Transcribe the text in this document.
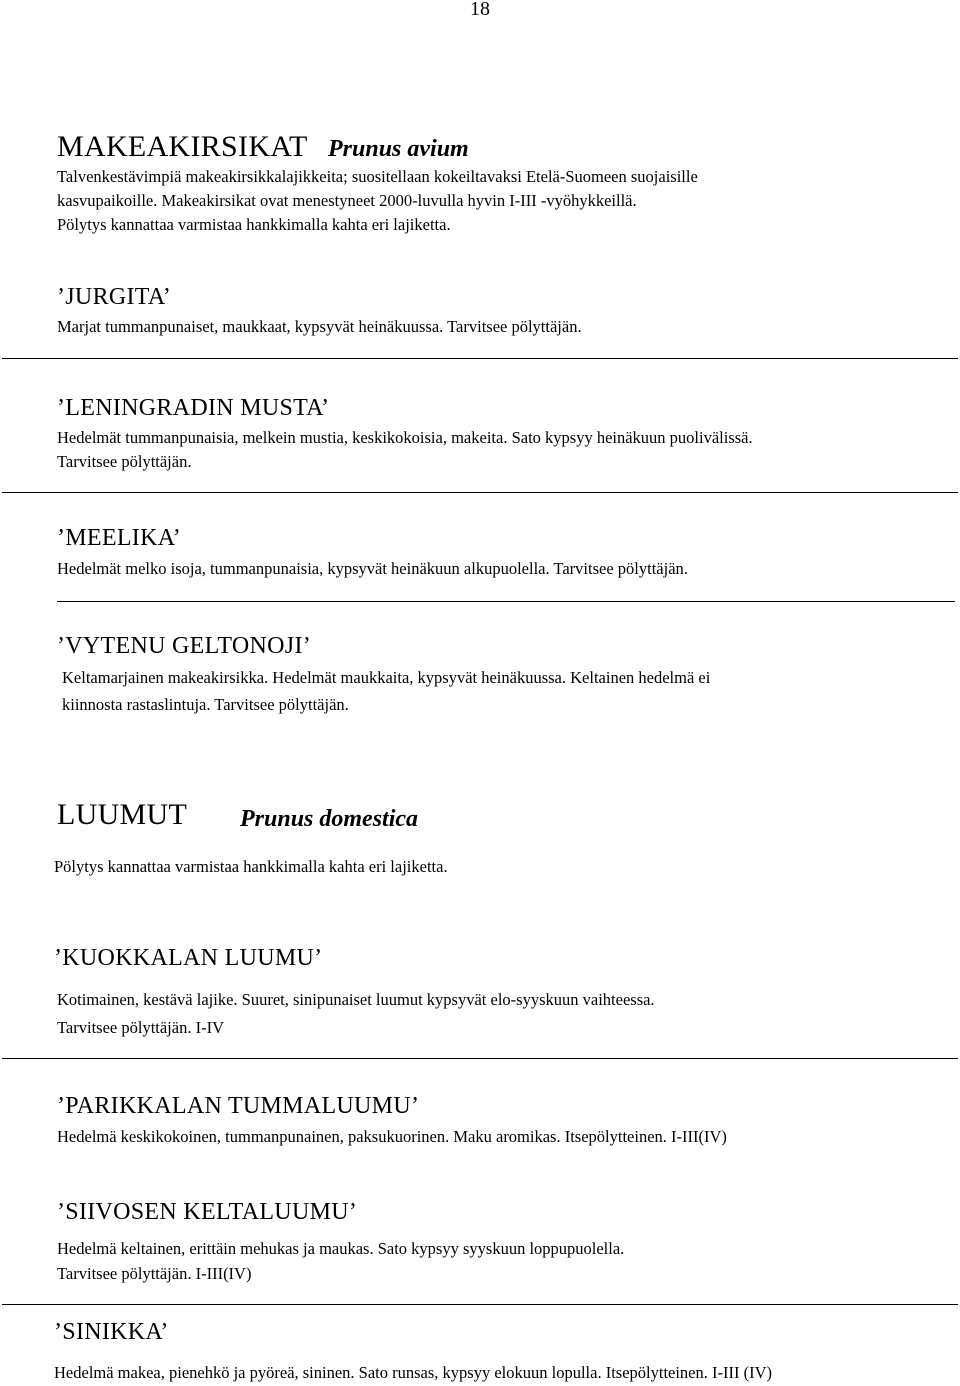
18
MAKEAKIRSIKAT Prunus avium
Talvenkestävimpiä makeakirsikkalajikkeita; suositellaan kokeiltavaksi Etelä-Suomeen suojaisille
kasvupaikoille. Makeakirsikat ovat menestyneet 2000-luvulla hyvin I-III -vyöhykkeillä.
Pölytys kannattaa varmistaa hankkimalla kahta eri lajiketta.
’JURGITA’
Marjat tummanpunaiset, maukkaat, kypsyvät heinäkuussa. Tarvitsee pölyttäjän.
’LENINGRADIN MUSTA’
Hedelmät tummanpunaisia, melkein mustia, keskikokoisia, makeita. Sato kypsyy heinäkuun puolivälissä.
Tarvitsee pölyttäjän.
’MEELIKA’
Hedelmät melko isoja, tummanpunaisia, kypsyvät heinäkuun alkupuolella. Tarvitsee pölyttäjän.
’VYTENU GELTONOJI’
Keltamarjainen makeakirsikka. Hedelmät maukkaita, kypsyvät heinäkuussa. Keltainen hedelmä ei
kiinnosta rastaslintuja. Tarvitsee pölyttäjän.
LUUMUT Prunus domestica
Pölytys kannattaa varmistaa hankkimalla kahta eri lajiketta.
’KUOKKALAN LUUMU’
Kotimainen, kestävä lajike. Suuret, sinipunaiset luumut kypsyvät elo-syyskuun vaihteessa.
Tarvitsee pölyttäjän. I-IV
’PARIKKALAN TUMMALUUMU’
Hedelmä keskikokoinen, tummanpunainen, paksukuorinen. Maku aromikas. Itsepölytteinen. I-III(IV)
’SIIVOSEN KELTALUUMU’
Hedelmä keltainen, erittäin mehukas ja maukas. Sato kypsyy syyskuun loppupuolella.
Tarvitsee pölyttäjän. I-III(IV)
’SINIKKA’
Hedelmä makea, pienehkö ja pyöreä, sininen. Sato runsas, kypsyy elokuun lopulla. Itsepölytteinen. I-III (IV)
